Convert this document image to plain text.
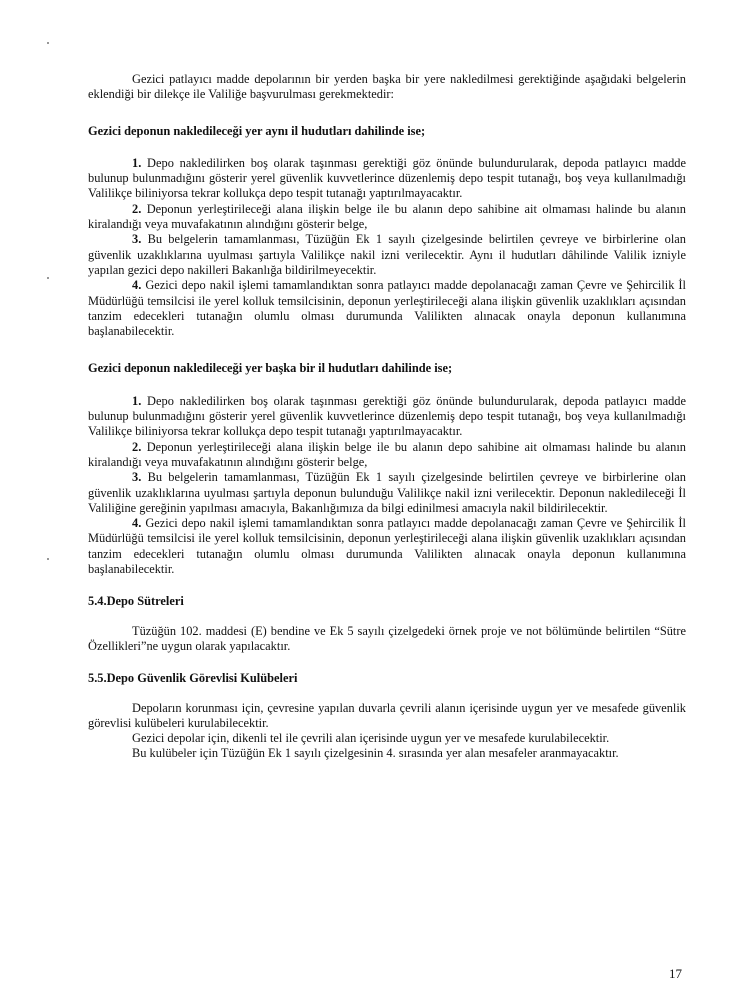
Gezici patlayıcı madde depolarının bir yerden başka bir yere nakledilmesi gerektiğinde aşağıdaki belgelerin eklendiği bir dilekçe ile Valiliğe başvurulması gerekmektedir:

Gezici deponun nakledileceği yer aynı il hudutları dahilinde ise;

1. Depo nakledilirken boş olarak taşınması gerektiği göz önünde bulundurularak, depoda patlayıcı madde bulunup bulunmadığını gösterir yerel güvenlik kuvvetlerince düzenlemiş depo tespit tutanağı, boş veya kullanılmadığı Valilikçe biliniyorsa tekrar kollukça depo tespit tutanağı yaptırılmayacaktır.

2. Deponun yerleştirileceği alana ilişkin belge ile bu alanın depo sahibine ait olmaması halinde bu alanın kiralandığı veya muvafakatının alındığını gösterir belge,

3. Bu belgelerin tamamlanması, Tüzüğün Ek 1 sayılı çizelgesinde belirtilen çevreye ve birbirlerine olan güvenlik uzaklıklarına uyulması şartıyla Valilikçe nakil izni verilecektir. Aynı il hudutları dâhilinde Valilik izniyle yapılan gezici depo nakilleri Bakanlığa bildirilmeyecektir.

4. Gezici depo nakil işlemi tamamlandıktan sonra patlayıcı madde depolanacağı zaman Çevre ve Şehircilik İl Müdürlüğü temsilcisi ile yerel kolluk temsilcisinin, deponun yerleştirileceği alana ilişkin güvenlik uzaklıkları açısından tanzim edecekleri tutanağın olumlu olması durumunda Valilikten alınacak onayla deponun kullanımına başlanabilecektir.

Gezici deponun nakledileceği yer başka bir il hudutları dahilinde ise;

1. Depo nakledilirken boş olarak taşınması gerektiği göz önünde bulundurularak, depoda patlayıcı madde bulunup bulunmadığını gösterir yerel güvenlik kuvvetlerince düzenlemiş depo tespit tutanağı, boş veya kullanılmadığı Valilikçe biliniyorsa tekrar kollukça depo tespit tutanağı yaptırılmayacaktır.

2. Deponun yerleştirileceği alana ilişkin belge ile bu alanın depo sahibine ait olmaması halinde bu alanın kiralandığı veya muvafakatının alındığını gösterir belge,

3. Bu belgelerin tamamlanması, Tüzüğün Ek 1 sayılı çizelgesinde belirtilen çevreye ve birbirlerine olan güvenlik uzaklıklarına uyulması şartıyla deponun bulunduğu Valilikçe nakil izni verilecektir. Deponun nakledileceği İl Valiliğine gereğinin yapılması amacıyla, Bakanlığımıza da bilgi edinilmesi amacıyla nakil bildirilecektir.

4. Gezici depo nakil işlemi tamamlandıktan sonra patlayıcı madde depolanacağı zaman Çevre ve Şehircilik İl Müdürlüğü temsilcisi ile yerel kolluk temsilcisinin, deponun yerleştirileceği alana ilişkin güvenlik uzaklıkları açısından tanzim edecekleri tutanağın olumlu olması durumunda Valilikten alınacak onayla deponun kullanımına başlanabilecektir.

5.4.Depo Sütreleri

Tüzüğün 102. maddesi (E) bendine ve Ek 5 sayılı çizelgedeki örnek proje ve not bölümünde belirtilen “Sütre Özellikleri”ne uygun olarak yapılacaktır.

5.5.Depo Güvenlik Görevlisi Kulübeleri

Depoların korunması için, çevresine yapılan duvarla çevrili alanın içerisinde uygun yer ve mesafede güvenlik görevlisi kulübeleri kurulabilecektir.

Gezici depolar için, dikenli tel ile çevrili alan içerisinde uygun yer ve mesafede kurulabilecektir.

Bu kulübeler için Tüzüğün Ek 1 sayılı çizelgesinin 4. sırasında yer alan mesafeler aranmayacaktır.

17
